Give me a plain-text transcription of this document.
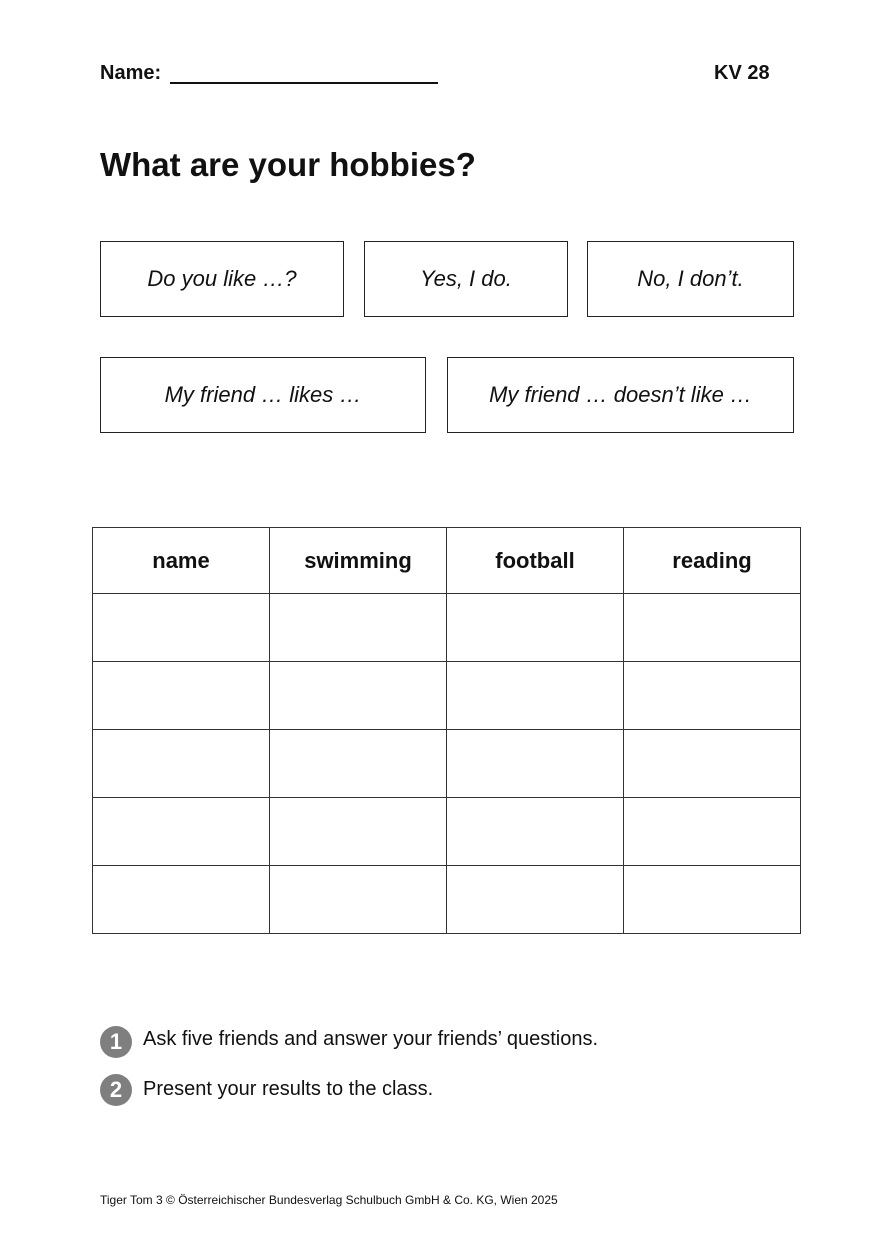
Name:	KV 28
What are your hobbies?
Do you like …?	Yes, I do.	No, I don’t.
My friend … likes …	My friend … doesn’t like …
name	swimming	football	reading

1	Ask five friends and answer your friends’ questions.
2	Present your results to the class.
Tiger Tom 3 © Österreichischer Bundesverlag Schulbuch GmbH & Co. KG, Wien 2025
